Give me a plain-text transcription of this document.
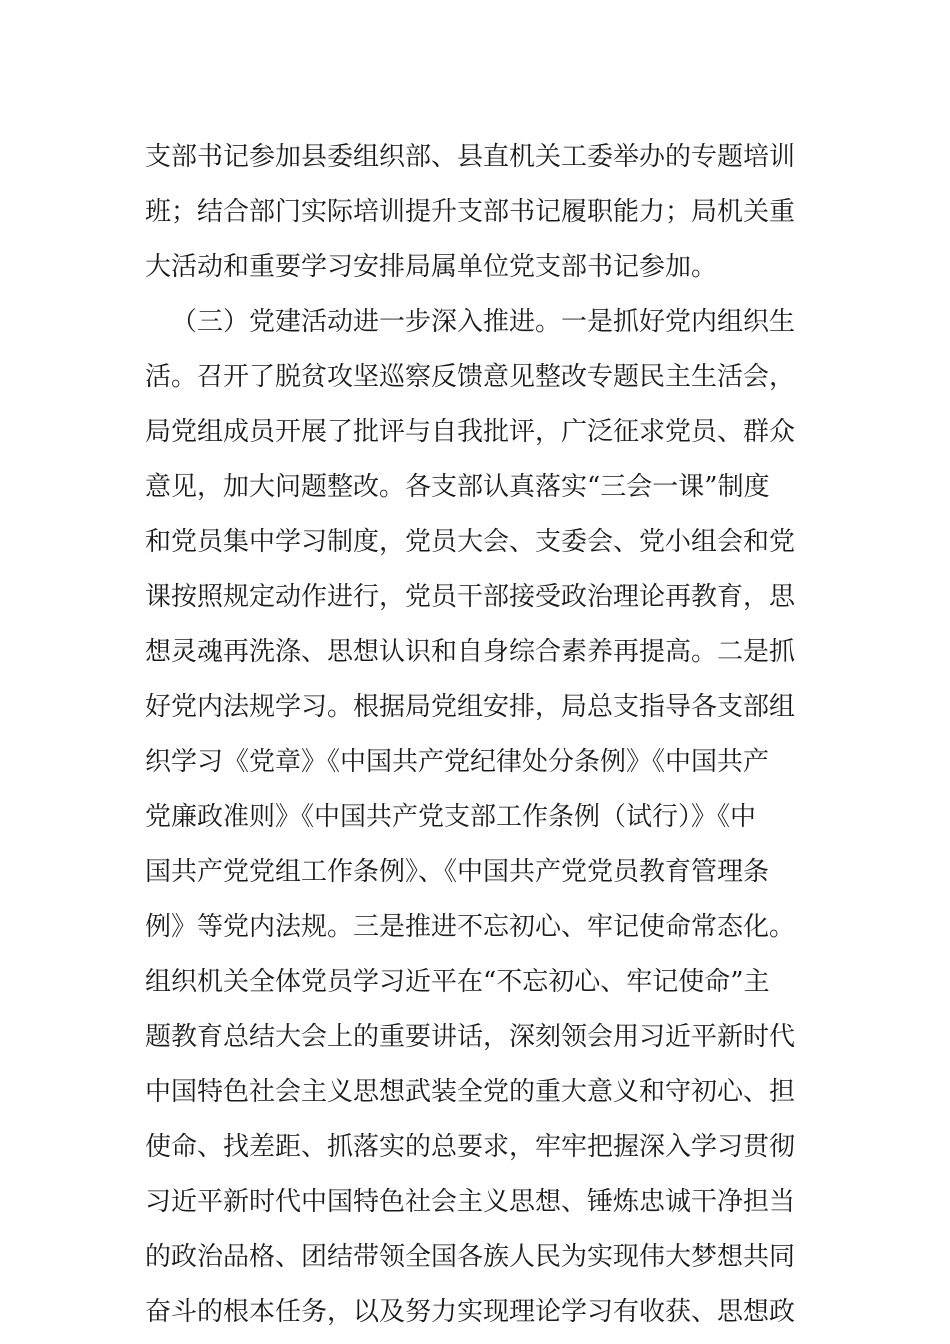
支部书记参加县委组织部、县直机关工委举办的专题培训
班；结合部门实际培训提升支部书记履职能力；局机关重
大活动和重要学习安排局属单位党支部书记参加。
（三）党建活动进一步深入推进。一是抓好党内组织生
活。召开了脱贫攻坚巡察反馈意见整改专题民主生活会，
局党组成员开展了批评与自我批评，广泛征求党员、群众
意见，加大问题整改。各支部认真落实“三会一课”制度
和党员集中学习制度，党员大会、支委会、党小组会和党
课按照规定动作进行，党员干部接受政治理论再教育，思
想灵魂再洗涤、思想认识和自身综合素养再提高。二是抓
好党内法规学习。根据局党组安排，局总支指导各支部组
织学习《党章》《中国共产党纪律处分条例》《中国共产
党廉政准则》《中国共产党支部工作条例（试行）》《中
国共产党党组工作条例》、《中国共产党党员教育管理条
例》等党内法规。三是推进不忘初心、牢记使命常态化。
组织机关全体党员学习近平在“不忘初心、牢记使命”主
题教育总结大会上的重要讲话，深刻领会用习近平新时代
中国特色社会主义思想武装全党的重大意义和守初心、担
使命、找差距、抓落实的总要求，牢牢把握深入学习贯彻
习近平新时代中国特色社会主义思想、锤炼忠诚干净担当
的政治品格、团结带领全国各族人民为实现伟大梦想共同
奋斗的根本任务，以及努力实现理论学习有收获、思想政
